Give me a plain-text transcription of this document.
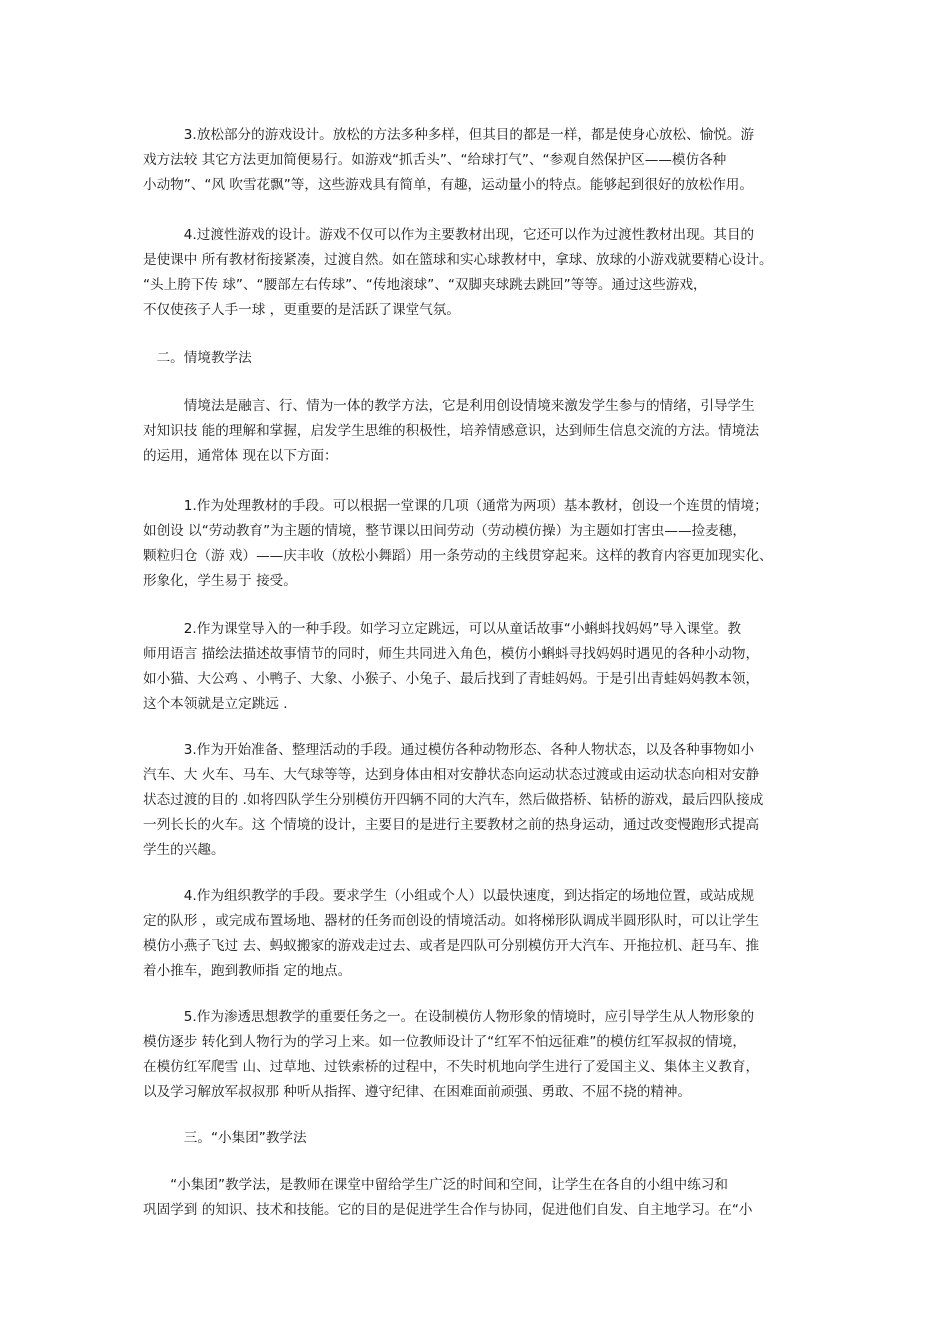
　　　3.放松部分的游戏设计。放松的方法多种多样，但其目的都是一样，都是使身心放松、愉悦。游
戏方法较 其它方法更加简便易行。如游戏“抓舌头”、“给球打气”、“参观自然保护区——模仿各种
小动物”、“风 吹雪花飘”等，这些游戏具有简单，有趣，运动量小的特点。能够起到很好的放松作用。
　　　4.过渡性游戏的设计。游戏不仅可以作为主要教材出现，它还可以作为过渡性教材出现。其目的
是使课中 所有教材衔接紧凑，过渡自然。如在篮球和实心球教材中，拿球、放球的小游戏就要精心设计。
“头上胯下传 球”、“腰部左右传球”、“传地滚球”、“双脚夹球跳去跳回”等等。通过这些游戏，
不仅使孩子人手一球 ，更重要的是活跃了课堂气氛。
　二。情境教学法
　　　情境法是融言、行、情为一体的教学方法，它是利用创设情境来激发学生参与的情绪，引导学生
对知识技 能的理解和掌握，启发学生思维的积极性，培养情感意识，达到师生信息交流的方法。情境法
的运用，通常体 现在以下方面：
　　　1.作为处理教材的手段。可以根据一堂课的几项（通常为两项）基本教材，创设一个连贯的情境；
如创设 以“劳动教育”为主题的情境，整节课以田间劳动（劳动模仿操）为主题如打害虫——捡麦穗，
颗粒归仓（游 戏）——庆丰收（放松小舞蹈）用一条劳动的主线贯穿起来。这样的教育内容更加现实化、
形象化，学生易于 接受。
　　　2.作为课堂导入的一种手段。如学习立定跳远，可以从童话故事“小蝌蚪找妈妈”导入课堂。教
师用语言 描绘法描述故事情节的同时，师生共同进入角色，模仿小蝌蚪寻找妈妈时遇见的各种小动物，
如小猫、大公鸡 、小鸭子、大象、小猴子、小兔子、最后找到了青蛙妈妈。于是引出青蛙妈妈教本领，
这个本领就是立定跳远 .
　　　3.作为开始准备、整理活动的手段。通过模仿各种动物形态、各种人物状态，以及各种事物如小
汽车、大 火车、马车、大气球等等，达到身体由相对安静状态向运动状态过渡或由运动状态向相对安静
状态过渡的目的 .如将四队学生分别模仿开四辆不同的大汽车，然后做搭桥、钻桥的游戏，最后四队接成
一列长长的火车。这 个情境的设计，主要目的是进行主要教材之前的热身运动，通过改变慢跑形式提高
学生的兴趣。
　　　4.作为组织教学的手段。要求学生（小组或个人）以最快速度，到达指定的场地位置，或站成规
定的队形 ，或完成布置场地、器材的任务而创设的情境活动。如将梯形队调成半圆形队时，可以让学生
模仿小燕子飞过 去、蚂蚁搬家的游戏走过去、或者是四队可分别模仿开大汽车、开拖拉机、赶马车、推
着小推车，跑到教师指 定的地点。
　　　5.作为渗透思想教学的重要任务之一。在设制模仿人物形象的情境时，应引导学生从人物形象的
模仿逐步 转化到人物行为的学习上来。如一位教师设计了“红军不怕远征难”的模仿红军叔叔的情境，
在模仿红军爬雪 山、过草地、过铁索桥的过程中，不失时机地向学生进行了爱国主义、集体主义教育，
以及学习解放军叔叔那 种听从指挥、遵守纪律、在困难面前顽强、勇敢、不屈不挠的精神。
　　　三。“小集团”教学法
　　“小集团”教学法，是教师在课堂中留给学生广泛的时间和空间，让学生在各自的小组中练习和
巩固学到 的知识、技术和技能。它的目的是促进学生合作与协同，促进他们自发、自主地学习。在“小
